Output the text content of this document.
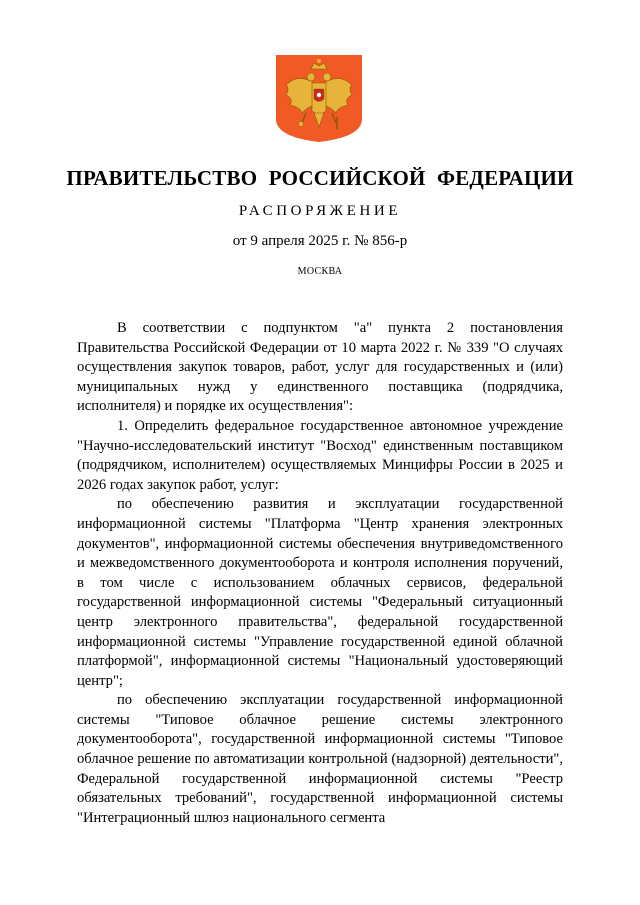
ПРАВИТЕЛЬСТВО РОССИЙСКОЙ ФЕДЕРАЦИИ
РАСПОРЯЖЕНИЕ
от 9 апреля 2025 г. № 856-р
МОСКВА

В соответствии с подпунктом "а" пункта 2 постановления Правительства Российской Федерации от 10 марта 2022 г. № 339 "О случаях осуществления закупок товаров, работ, услуг для государственных и (или) муниципальных нужд у единственного поставщика (подрядчика, исполнителя) и порядке их осуществления":

1. Определить федеральное государственное автономное учреждение "Научно-исследовательский институт "Восход" единственным поставщиком (подрядчиком, исполнителем) осуществляемых Минцифры России в 2025 и 2026 годах закупок работ, услуг:

по обеспечению развития и эксплуатации государственной информационной системы "Платформа "Центр хранения электронных документов", информационной системы обеспечения внутриведомственного и межведомственного документооборота и контроля исполнения поручений, в том числе с использованием облачных сервисов, федеральной государственной информационной системы "Федеральный ситуационный центр электронного правительства", федеральной государственной информационной системы "Управление государственной единой облачной платформой", информационной системы "Национальный удостоверяющий центр";

по обеспечению эксплуатации государственной информационной системы "Типовое облачное решение системы электронного документооборота", государственной информационной системы "Типовое облачное решение по автоматизации контрольной (надзорной) деятельности", Федеральной государственной информационной системы "Реестр обязательных требований", государственной информационной системы "Интеграционный шлюз национального сегмента
